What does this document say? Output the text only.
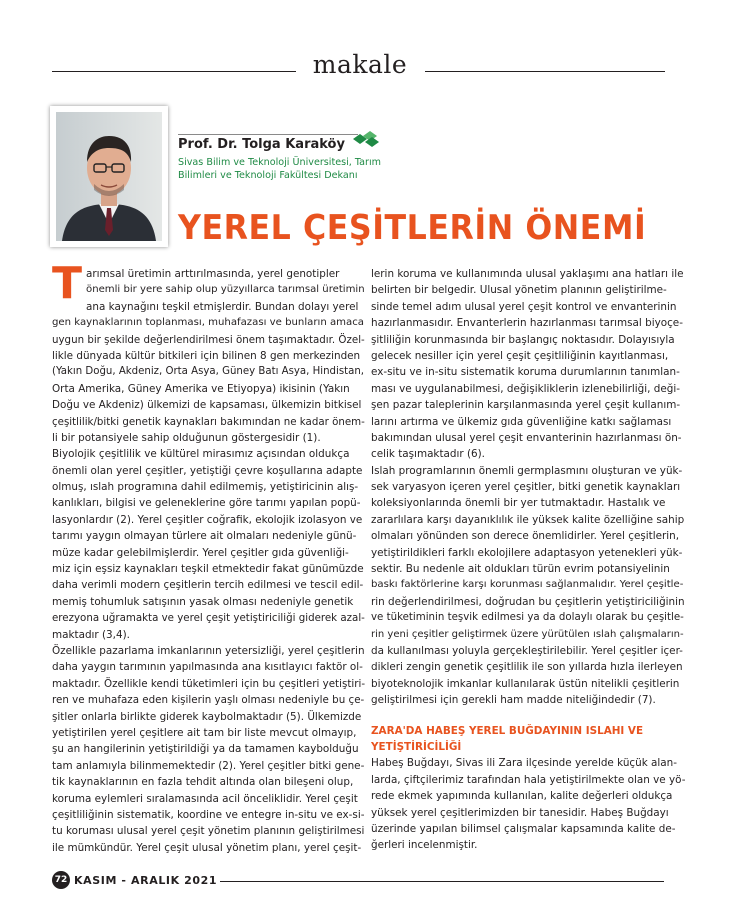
makale
Prof. Dr. Tolga Karaköy
Sivas Bilim ve Teknoloji Üniversitesi, Tarım
Bilimleri ve Teknoloji Fakültesi Dekanı
YEREL ÇEŞİTLERİN ÖNEMİ
T arımsal üretimin arttırılmasında, yerel genotipler
önemli bir yere sahip olup yüzyıllarca tarımsal üretimin
ana kaynağını teşkil etmişlerdir. Bundan dolayı yerel
gen kaynaklarının toplanması, muhafazası ve bunların amaca
uygun bir şekilde değerlendirilmesi önem taşımaktadır. Özel-
likle dünyada kültür bitkileri için bilinen 8 gen merkezinden
(Yakın Doğu, Akdeniz, Orta Asya, Güney Batı Asya, Hindistan,
Orta Amerika, Güney Amerika ve Etiyopya) ikisinin (Yakın
Doğu ve Akdeniz) ülkemizi de kapsaması, ülkemizin bitkisel
çeşitlilik/bitki genetik kaynakları bakımından ne kadar önem-
li bir potansiyele sahip olduğunun göstergesidir (1).
Biyolojik çeşitlilik ve kültürel mirasımız açısından oldukça
önemli olan yerel çeşitler, yetiştiği çevre koşullarına adapte
olmuş, ıslah programına dahil edilmemiş, yetiştiricinin alış-
kanlıkları, bilgisi ve geleneklerine göre tarımı yapılan popü-
lasyonlardır (2). Yerel çeşitler coğrafik, ekolojik izolasyon ve
tarımı yaygın olmayan türlere ait olmaları nedeniyle günü-
müze kadar gelebilmişlerdir. Yerel çeşitler gıda güvenliği-
miz için eşsiz kaynakları teşkil etmektedir fakat günümüzde
daha verimli modern çeşitlerin tercih edilmesi ve tescil edil-
memiş tohumluk satışının yasak olması nedeniyle genetik
erezyona uğramakta ve yerel çeşit yetiştiriciliği giderek azal-
maktadır (3,4).
Özellikle pazarlama imkanlarının yetersizliği, yerel çeşitlerin
daha yaygın tarımının yapılmasında ana kısıtlayıcı faktör ol-
maktadır. Özellikle kendi tüketimleri için bu çeşitleri yetiştiri-
ren ve muhafaza eden kişilerin yaşlı olması nedeniyle bu çe-
şitler onlarla birlikte giderek kaybolmaktadır (5). Ülkemizde
yetiştirilen yerel çeşitlere ait tam bir liste mevcut olmayıp,
şu an hangilerinin yetiştirildiği ya da tamamen kaybolduğu
tam anlamıyla bilinmemektedir (2). Yerel çeşitler bitki gene-
tik kaynaklarının en fazla tehdit altında olan bileşeni olup,
koruma eylemleri sıralamasında acil önceliklidir. Yerel çeşit
çeşitliliğinin sistematik, koordine ve entegre in-situ ve ex-si-
tu koruması ulusal yerel çeşit yönetim planının geliştirilmesi
ile mümkündür. Yerel çeşit ulusal yönetim planı, yerel çeşit-
lerin koruma ve kullanımında ulusal yaklaşımı ana hatları ile
belirten bir belgedir. Ulusal yönetim planının geliştirilme-
sinde temel adım ulusal yerel çeşit kontrol ve envanterinin
hazırlanmasıdır. Envanterlerin hazırlanması tarımsal biyoçe-
şitliliğin korunmasında bir başlangıç noktasıdır. Dolayısıyla
gelecek nesiller için yerel çeşit çeşitliliğinin kayıtlanması,
ex-situ ve in-situ sistematik koruma durumlarının tanımlan-
ması ve uygulanabilmesi, değişikliklerin izlenebilirliği, deği-
şen pazar taleplerinin karşılanmasında yerel çeşit kullanım-
larını artırma ve ülkemiz gıda güvenliğine katkı sağlaması
bakımından ulusal yerel çeşit envanterinin hazırlanması ön-
celik taşımaktadır (6).
Islah programlarının önemli germplasmını oluşturan ve yük-
sek varyasyon içeren yerel çeşitler, bitki genetik kaynakları
koleksiyonlarında önemli bir yer tutmaktadır. Hastalık ve
zararlılara karşı dayanıklılık ile yüksek kalite özelliğine sahip
olmaları yönünden son derece önemlidirler. Yerel çeşitlerin,
yetiştirildikleri farklı ekolojilere adaptasyon yetenekleri yük-
sektir. Bu nedenle ait oldukları türün evrim potansiyelinin
baskı faktörlerine karşı korunması sağlanmalıdır. Yerel çeşitle-
rin değerlendirilmesi, doğrudan bu çeşitlerin yetiştiriciliğinin
ve tüketiminin teşvik edilmesi ya da dolaylı olarak bu çeşitle-
rin yeni çeşitler geliştirmek üzere yürütülen ıslah çalışmaların-
da kullanılması yoluyla gerçekleştirilebilir. Yerel çeşitler içer-
dikleri zengin genetik çeşitlilik ile son yıllarda hızla ilerleyen
biyoteknolojik imkanlar kullanılarak üstün nitelikli çeşitlerin
geliştirilmesi için gerekli ham madde niteliğindedir (7).
ZARA'DA HABEŞ YEREL BUĞDAYININ ISLAHI VE
YETİŞTİRİCİLİĞİ
Habeş Buğdayı, Sivas ili Zara ilçesinde yerelde küçük alan-
larda, çiftçilerimiz tarafından hala yetiştirilmekte olan ve yö-
rede ekmek yapımında kullanılan, kalite değerleri oldukça
yüksek yerel çeşitlerimizden bir tanesidir. Habeş Buğdayı
üzerinde yapılan bilimsel çalışmalar kapsamında kalite de-
ğerleri incelenmiştir.
72 KASIM - ARALIK 2021
